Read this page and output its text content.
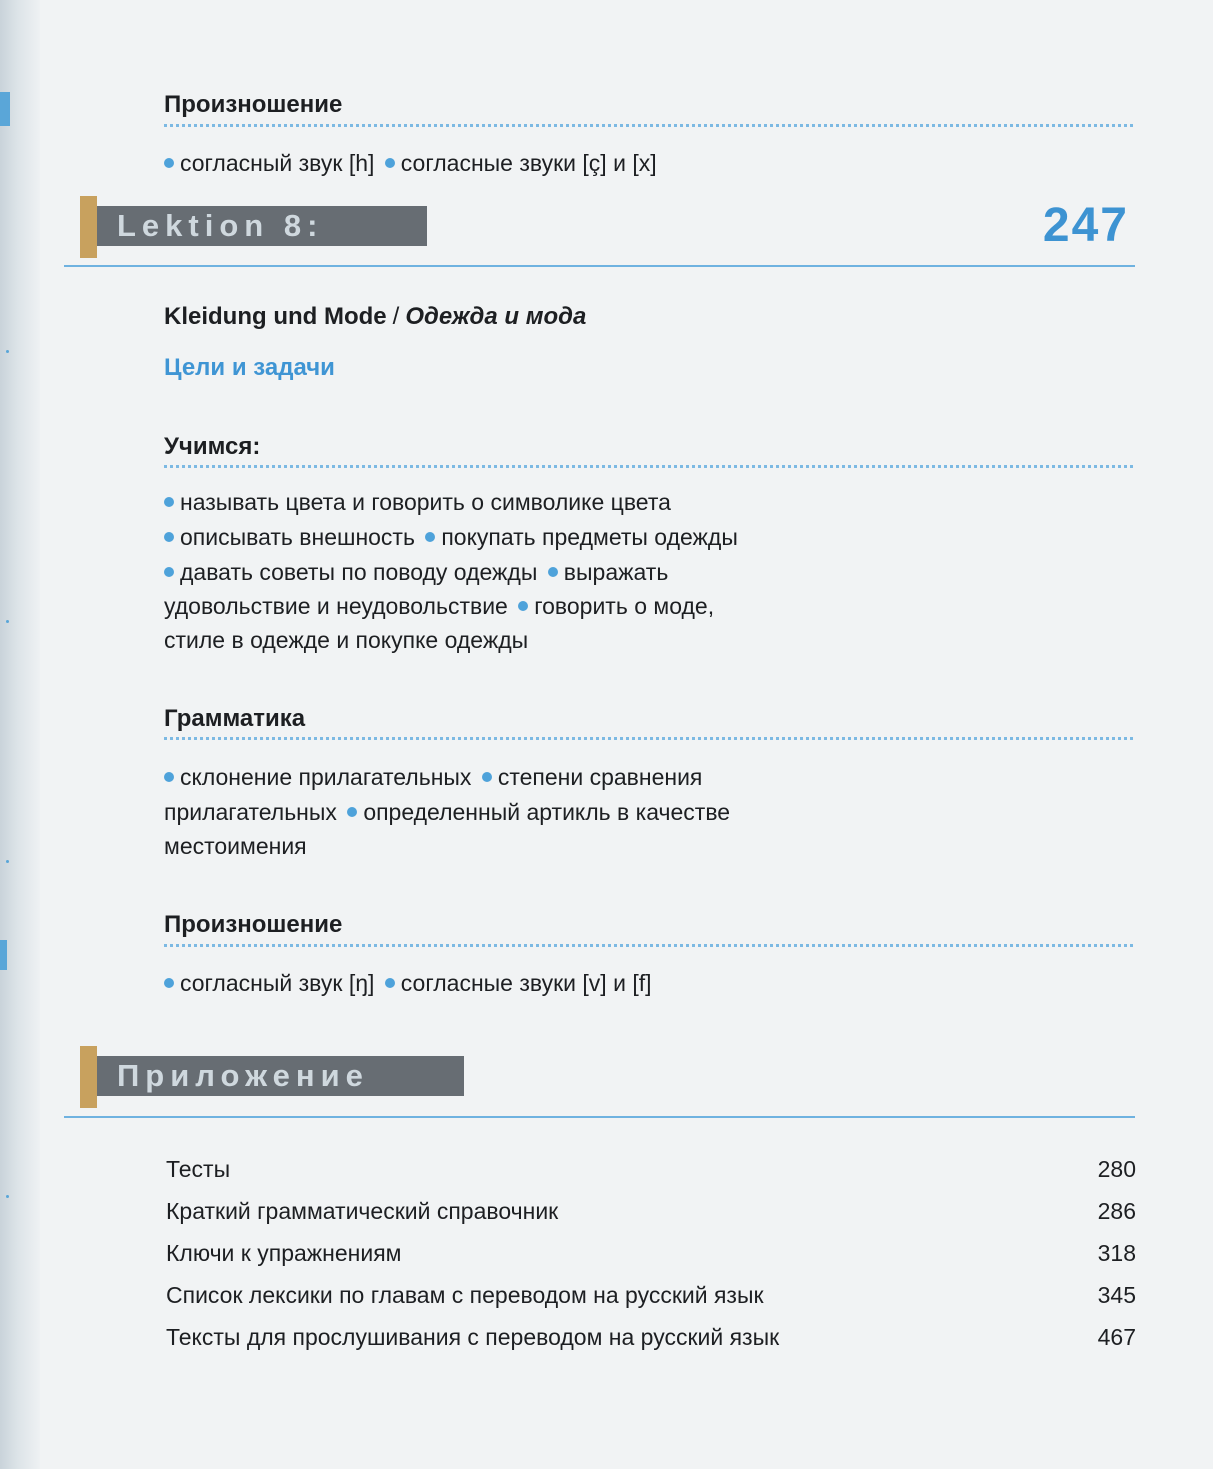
Произношение
согласный звук [h] согласные звуки [ç] и [x]
Lektion 8:	247
Kleidung und Mode / Одежда и мода
Цели и задачи
Учимся:
называть цвета и говорить о символике цвета
описывать внешность покупать предметы одежды
давать советы по поводу одежды выражать
удовольствие и неудовольствие говорить о моде,
стиле в одежде и покупке одежды
Грамматика
склонение прилагательных степени сравнения
прилагательных определенный артикль в качестве
местоимения
Произношение
согласный звук [ŋ] согласные звуки [v] и [f]
Приложение
Тесты	280
Краткий грамматический справочник	286
Ключи к упражнениям	318
Список лексики по главам с переводом на русский язык	345
Тексты для прослушивания с переводом на русский язык	467
